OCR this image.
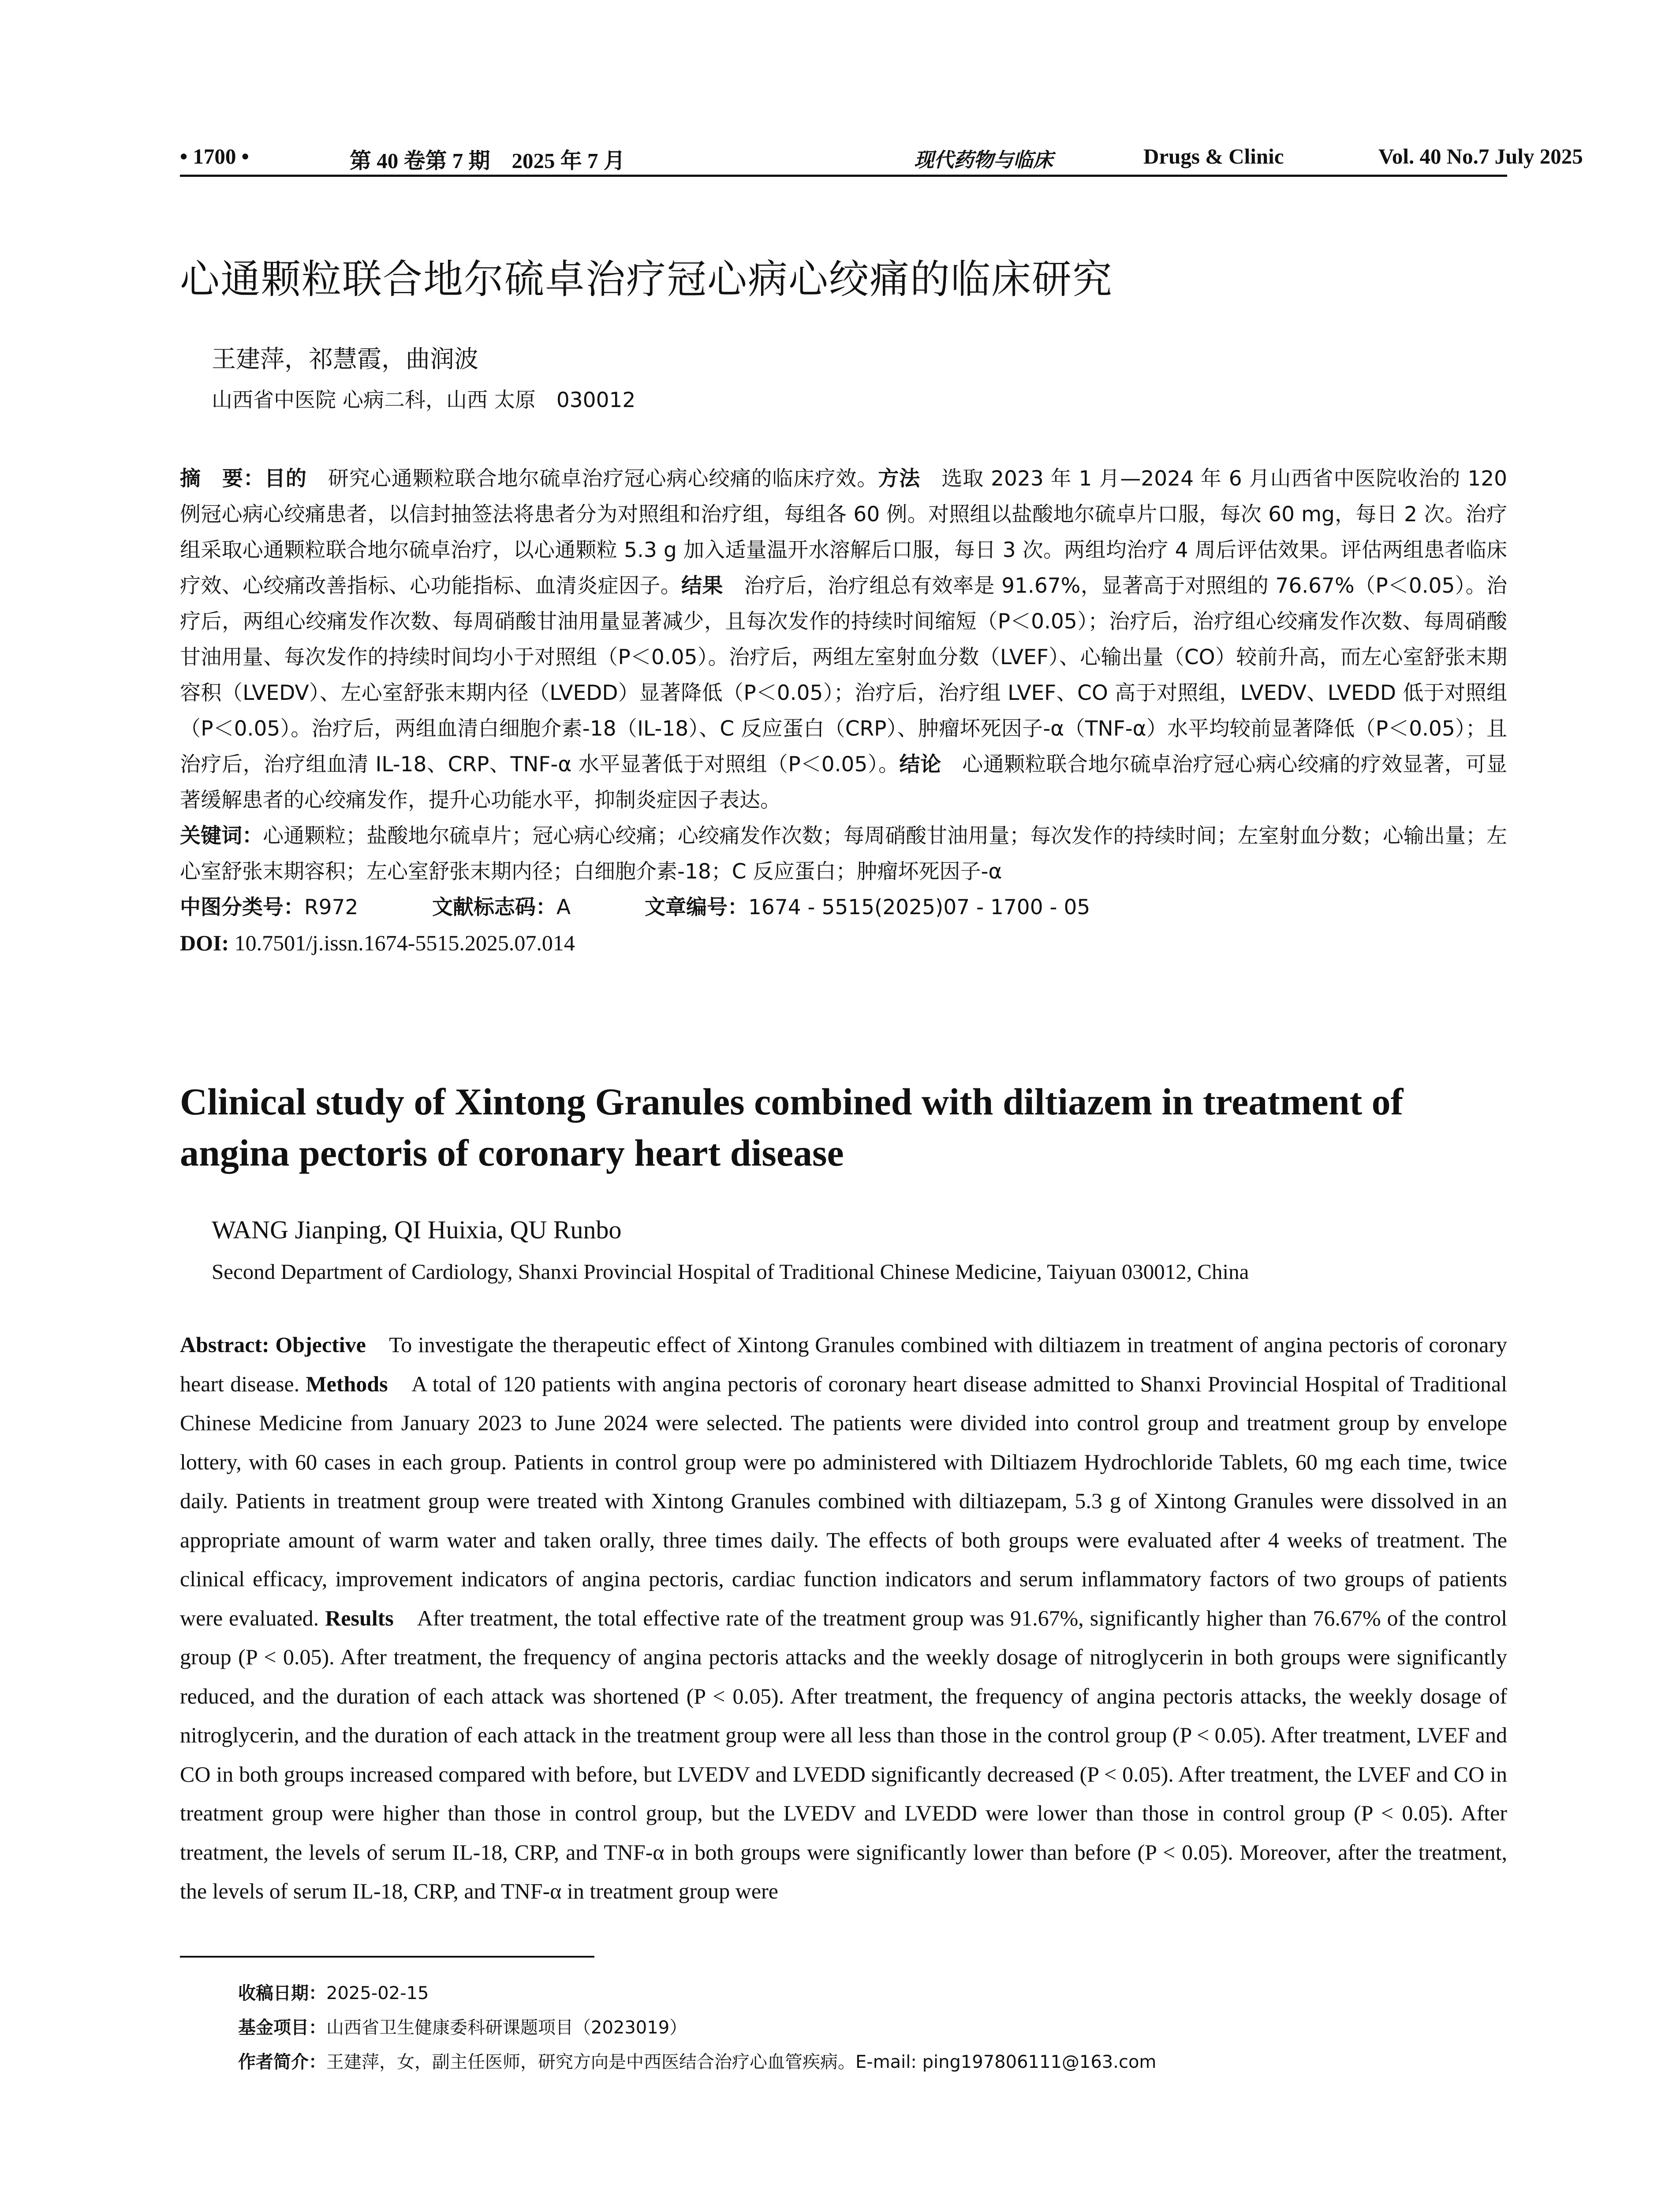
• 1700 •	第 40 卷第 7 期　2025 年 7 月	现代药物与临床	Drugs & Clinic	Vol. 40 No.7 July 2025
心通颗粒联合地尔硫卓治疗冠心病心绞痛的临床研究
王建萍，祁慧霞，曲润波
山西省中医院 心病二科，山西 太原　030012

摘　要：目的　研究心通颗粒联合地尔硫卓治疗冠心病心绞痛的临床疗效。方法　选取 2023 年 1 月—2024 年 6 月山西省中医院收治的 120 例冠心病心绞痛患者，以信封抽签法将患者分为对照组和治疗组，每组各 60 例。对照组以盐酸地尔硫卓片口服，每次 60 mg，每日 2 次。治疗组采取心通颗粒联合地尔硫卓治疗，以心通颗粒 5.3 g 加入适量温开水溶解后口服，每日 3 次。两组均治疗 4 周后评估效果。评估两组患者临床疗效、心绞痛改善指标、心功能指标、血清炎症因子。结果　治疗后，治疗组总有效率是 91.67%，显著高于对照组的 76.67%（P＜0.05）。治疗后，两组心绞痛发作次数、每周硝酸甘油用量显著减少，且每次发作的持续时间缩短（P＜0.05）；治疗后，治疗组心绞痛发作次数、每周硝酸甘油用量、每次发作的持续时间均小于对照组（P＜0.05）。治疗后，两组左室射血分数（LVEF）、心输出量（CO）较前升高，而左心室舒张末期容积（LVEDV）、左心室舒张末期内径（LVEDD）显著降低（P＜0.05）；治疗后，治疗组 LVEF、CO 高于对照组，LVEDV、LVEDD 低于对照组（P＜0.05）。治疗后，两组血清白细胞介素-18（IL-18）、C 反应蛋白（CRP）、肿瘤坏死因子-α（TNF-α）水平均较前显著降低（P＜0.05）；且治疗后，治疗组血清 IL-18、CRP、TNF-α 水平显著低于对照组（P＜0.05）。结论　心通颗粒联合地尔硫卓治疗冠心病心绞痛的疗效显著，可显著缓解患者的心绞痛发作，提升心功能水平，抑制炎症因子表达。

关键词：心通颗粒；盐酸地尔硫卓片；冠心病心绞痛；心绞痛发作次数；每周硝酸甘油用量；每次发作的持续时间；左室射血分数；心输出量；左心室舒张末期容积；左心室舒张末期内径；白细胞介素-18；C 反应蛋白；肿瘤坏死因子-α

中图分类号：R972	文献标志码：A	文章编号：1674 - 5515(2025)07 - 1700 - 05

DOI: 10.7501/j.issn.1674-5515.2025.07.014

Clinical study of Xintong Granules combined with diltiazem in treatment of angina pectoris of coronary heart disease
WANG Jianping, QI Huixia, QU Runbo
Second Department of Cardiology, Shanxi Provincial Hospital of Traditional Chinese Medicine, Taiyuan 030012, China

Abstract: Objective　To investigate the therapeutic effect of Xintong Granules combined with diltiazem in treatment of angina pectoris of coronary heart disease. Methods　A total of 120 patients with angina pectoris of coronary heart disease admitted to Shanxi Provincial Hospital of Traditional Chinese Medicine from January 2023 to June 2024 were selected. The patients were divided into control group and treatment group by envelope lottery, with 60 cases in each group. Patients in control group were po administered with Diltiazem Hydrochloride Tablets, 60 mg each time, twice daily. Patients in treatment group were treated with Xintong Granules combined with diltiazepam, 5.3 g of Xintong Granules were dissolved in an appropriate amount of warm water and taken orally, three times daily. The effects of both groups were evaluated after 4 weeks of treatment. The clinical efficacy, improvement indicators of angina pectoris, cardiac function indicators and serum inflammatory factors of two groups of patients were evaluated. Results　After treatment, the total effective rate of the treatment group was 91.67%, significantly higher than 76.67% of the control group (P < 0.05). After treatment, the frequency of angina pectoris attacks and the weekly dosage of nitroglycerin in both groups were significantly reduced, and the duration of each attack was shortened (P < 0.05). After treatment, the frequency of angina pectoris attacks, the weekly dosage of nitroglycerin, and the duration of each attack in the treatment group were all less than those in the control group (P < 0.05). After treatment, LVEF and CO in both groups increased compared with before, but LVEDV and LVEDD significantly decreased (P < 0.05). After treatment, the LVEF and CO in treatment group were higher than those in control group, but the LVEDV and LVEDD were lower than those in control group (P < 0.05). After treatment, the levels of serum IL-18, CRP, and TNF-α in both groups were significantly lower than before (P < 0.05). Moreover, after the treatment, the levels of serum IL-18, CRP, and TNF-α in treatment group were

收稿日期：2025-02-15
基金项目：山西省卫生健康委科研课题项目（2023019）
作者简介：王建萍，女，副主任医师，研究方向是中西医结合治疗心血管疾病。E-mail: ping197806111@163.com
